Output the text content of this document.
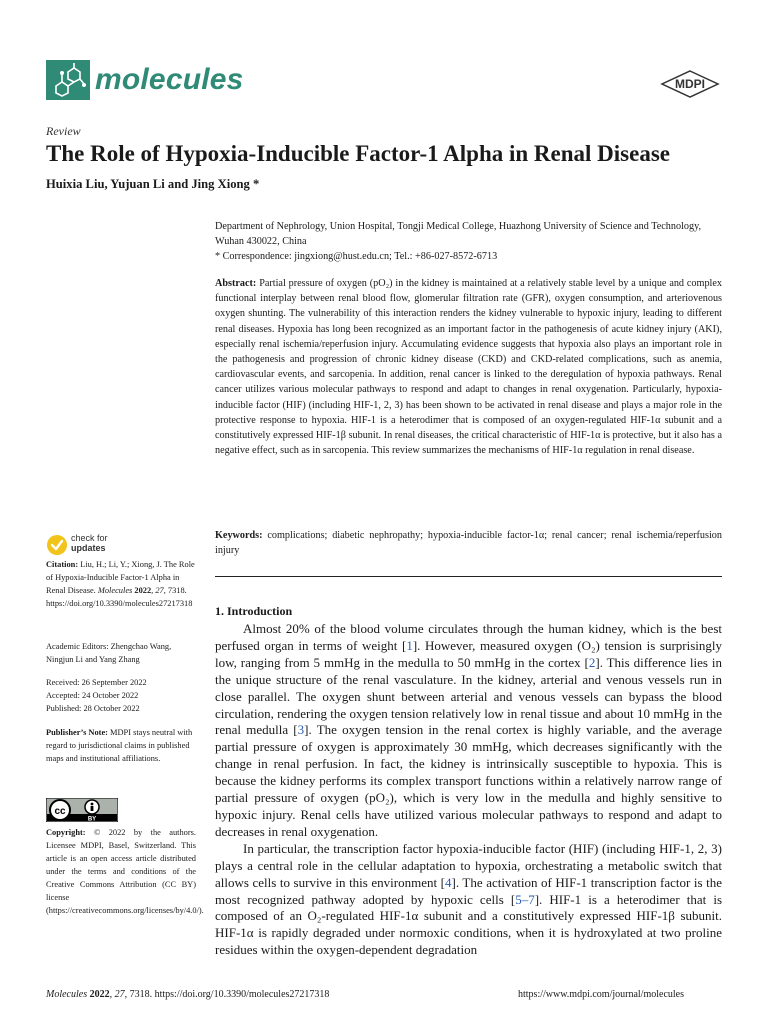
molecules	MDPI
Review
The Role of Hypoxia-Inducible Factor-1 Alpha in Renal Disease
Huixia Liu, Yujuan Li and Jing Xiong *

Department of Nephrology, Union Hospital, Tongji Medical College, Huazhong University of Science and Technology, Wuhan 430022, China

* Correspondence: jingxiong@hust.edu.cn; Tel.: +86-027-8572-6713

Abstract: Partial pressure of oxygen (pO₂) in the kidney is maintained at a relatively stable level by a unique and complex functional interplay between renal blood flow, glomerular filtration rate (GFR), oxygen consumption, and arteriovenous oxygen shunting. The vulnerability of this interaction renders the kidney vulnerable to hypoxic injury, leading to different renal diseases. Hypoxia has long been recognized as an important factor in the pathogenesis of acute kidney injury (AKI), especially renal ischemia/reperfusion injury. Accumulating evidence suggests that hypoxia also plays an important role in the pathogenesis and progression of chronic kidney disease (CKD) and CKD-related complications, such as anemia, cardiovascular events, and sarcopenia. In addition, renal cancer is linked to the deregulation of hypoxia pathways. Renal cancer utilizes various molecular pathways to respond and adapt to changes in renal oxygenation. Particularly, hypoxia-inducible factor (HIF) (including HIF-1, 2, 3) has been shown to be activated in renal disease and plays a major role in the protective response to hypoxia. HIF-1 is a heterodimer that is composed of an oxygen-regulated HIF-1α subunit and a constitutively expressed HIF-1β subunit. In renal diseases, the critical characteristic of HIF-1α is protective, but it also has a negative effect, such as in sarcopenia. This review summarizes the mechanisms of HIF-1α regulation in renal disease.
Keywords: complications; diabetic nephropathy; hypoxia-inducible factor-1α; renal cancer; renal ischemia/reperfusion injury
1. Introduction

Almost 20% of the blood volume circulates through the human kidney, which is the best perfused organ in terms of weight [1]. However, measured oxygen (O₂) tension is surprisingly low, ranging from 5 mmHg in the medulla to 50 mmHg in the cortex [2]. This difference lies in the unique structure of the renal vasculature. In the kidney, arterial and venous vessels run in close parallel. The oxygen shunt between arterial and venous vessels can bypass the blood circulation, rendering the oxygen tension relatively low in renal tissue and about 10 mmHg in the renal medulla [3]. The oxygen tension in the renal cortex is highly variable, and the average partial pressure of oxygen is approximately 30 mmHg, which decreases significantly with the change in renal perfusion. In fact, the kidney is intrinsically susceptible to hypoxia. This is because the kidney performs its complex transport functions within a relatively narrow range of partial pressure of oxygen (pO₂), which is very low in the medulla and highly sensitive to hypoxic injury. Renal cells have utilized various molecular pathways to respond and adapt to decreases in renal oxygenation.

In particular, the transcription factor hypoxia-inducible factor (HIF) (including HIF-1, 2, 3) plays a central role in the cellular adaptation to hypoxia, orchestrating a metabolic switch that allows cells to survive in this environment [4]. The activation of HIF-1 transcription factor is the most recognized pathway adopted by hypoxic cells [5–7]. HIF-1 is a heterodimer that is composed of an O₂-regulated HIF-1α subunit and a constitutively expressed HIF-1β subunit. HIF-1α is rapidly degraded under normoxic conditions, when it is hydroxylated at two proline residues within the oxygen-dependent degradation

check for
updates
Citation: Liu, H.; Li, Y.; Xiong, J. The Role of Hypoxia-Inducible Factor-1 Alpha in Renal Disease. Molecules 2022, 27, 7318. https://doi.org/10.3390/molecules27217318
Academic Editors: Zhengchao Wang, Ningjun Li and Yang Zhang

Received: 26 September 2022

Accepted: 24 October 2022

Published: 28 October 2022

Publisher’s Note: MDPI stays neutral with regard to jurisdictional claims in published maps and institutional affiliations.
cc
BY
Copyright: © 2022 by the authors. Licensee MDPI, Basel, Switzerland. This article is an open access article distributed under the terms and conditions of the Creative Commons Attribution (CC BY) license (https://creativecommons.org/licenses/by/4.0/).
Molecules 2022, 27, 7318. https://doi.org/10.3390/molecules27217318	https://www.mdpi.com/journal/molecules
